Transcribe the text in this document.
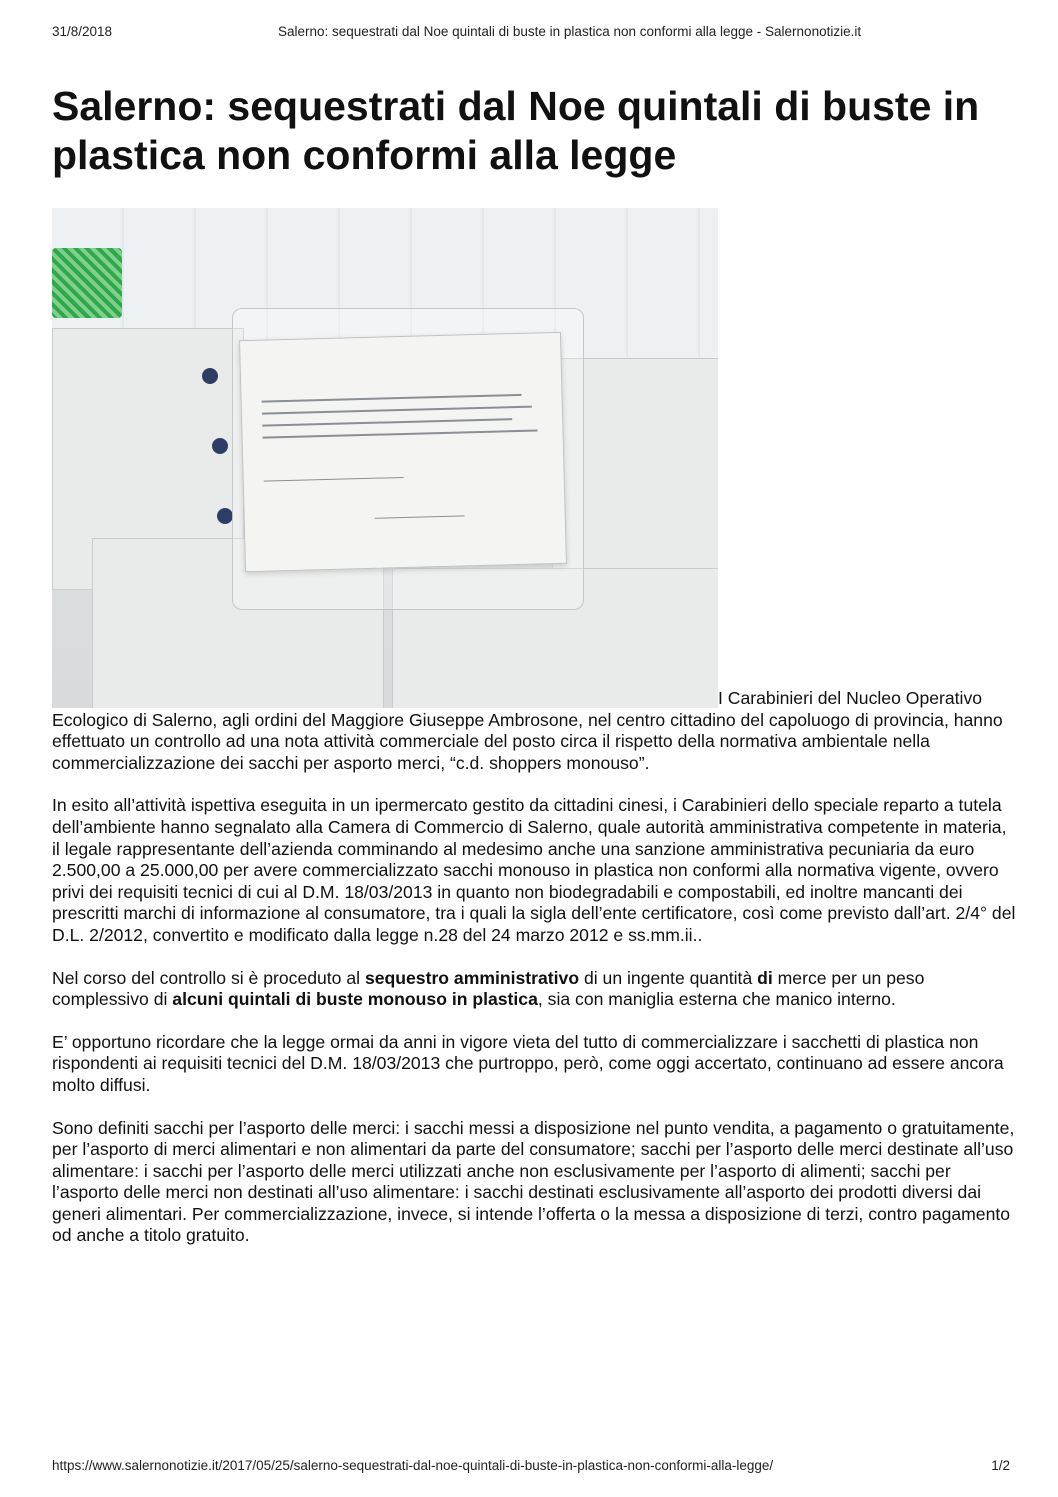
31/8/2018	Salerno: sequestrati dal Noe quintali di buste in plastica non conformi alla legge - Salernonotizie.it
Salerno: sequestrati dal Noe quintali di buste in plastica non conformi alla legge

I Carabinieri del Nucleo Operativo Ecologico di Salerno, agli ordini del Maggiore Giuseppe Ambrosone, nel centro cittadino del capoluogo di provincia, hanno effettuato un controllo ad una nota attività commerciale del posto circa il rispetto della normativa ambientale nella commercializzazione dei sacchi per asporto merci, “c.d. shoppers monouso”.

In esito all’attività ispettiva eseguita in un ipermercato gestito da cittadini cinesi, i Carabinieri dello speciale reparto a tutela dell’ambiente hanno segnalato alla Camera di Commercio di Salerno, quale autorità amministrativa competente in materia, il legale rappresentante dell’azienda comminando al medesimo anche una sanzione amministrativa pecuniaria da euro 2.500,00 a 25.000,00 per avere commercializzato sacchi monouso in plastica non conformi alla normativa vigente, ovvero privi dei requisiti tecnici di cui al D.M. 18/03/2013 in quanto non biodegradabili e compostabili, ed inoltre mancanti dei prescritti marchi di informazione al consumatore, tra i quali la sigla dell’ente certificatore, così come previsto dall’art. 2/4° del D.L. 2/2012, convertito e modificato dalla legge n.28 del 24 marzo 2012 e ss.mm.ii..

Nel corso del controllo si è proceduto al sequestro amministrativo di un ingente quantità di merce per un peso complessivo di alcuni quintali di buste monouso in plastica, sia con maniglia esterna che manico interno.

E’ opportuno ricordare che la legge ormai da anni in vigore vieta del tutto di commercializzare i sacchetti di plastica non rispondenti ai requisiti tecnici del D.M. 18/03/2013 che purtroppo, però, come oggi accertato, continuano ad essere ancora molto diffusi.

Sono definiti sacchi per l’asporto delle merci: i sacchi messi a disposizione nel punto vendita, a pagamento o gratuitamente, per l’asporto di merci alimentari e non alimentari da parte del consumatore; sacchi per l’asporto delle merci destinate all’uso alimentare: i sacchi per l’asporto delle merci utilizzati anche non esclusivamente per l’asporto di alimenti; sacchi per l’asporto delle merci non destinati all’uso alimentare: i sacchi destinati esclusivamente all’asporto dei prodotti diversi dai generi alimentari. Per commercializzazione, invece, si intende l’offerta o la messa a disposizione di terzi, contro pagamento od anche a titolo gratuito.

https://www.salernonotizie.it/2017/05/25/salerno-sequestrati-dal-noe-quintali-di-buste-in-plastica-non-conformi-alla-legge/	1/2
